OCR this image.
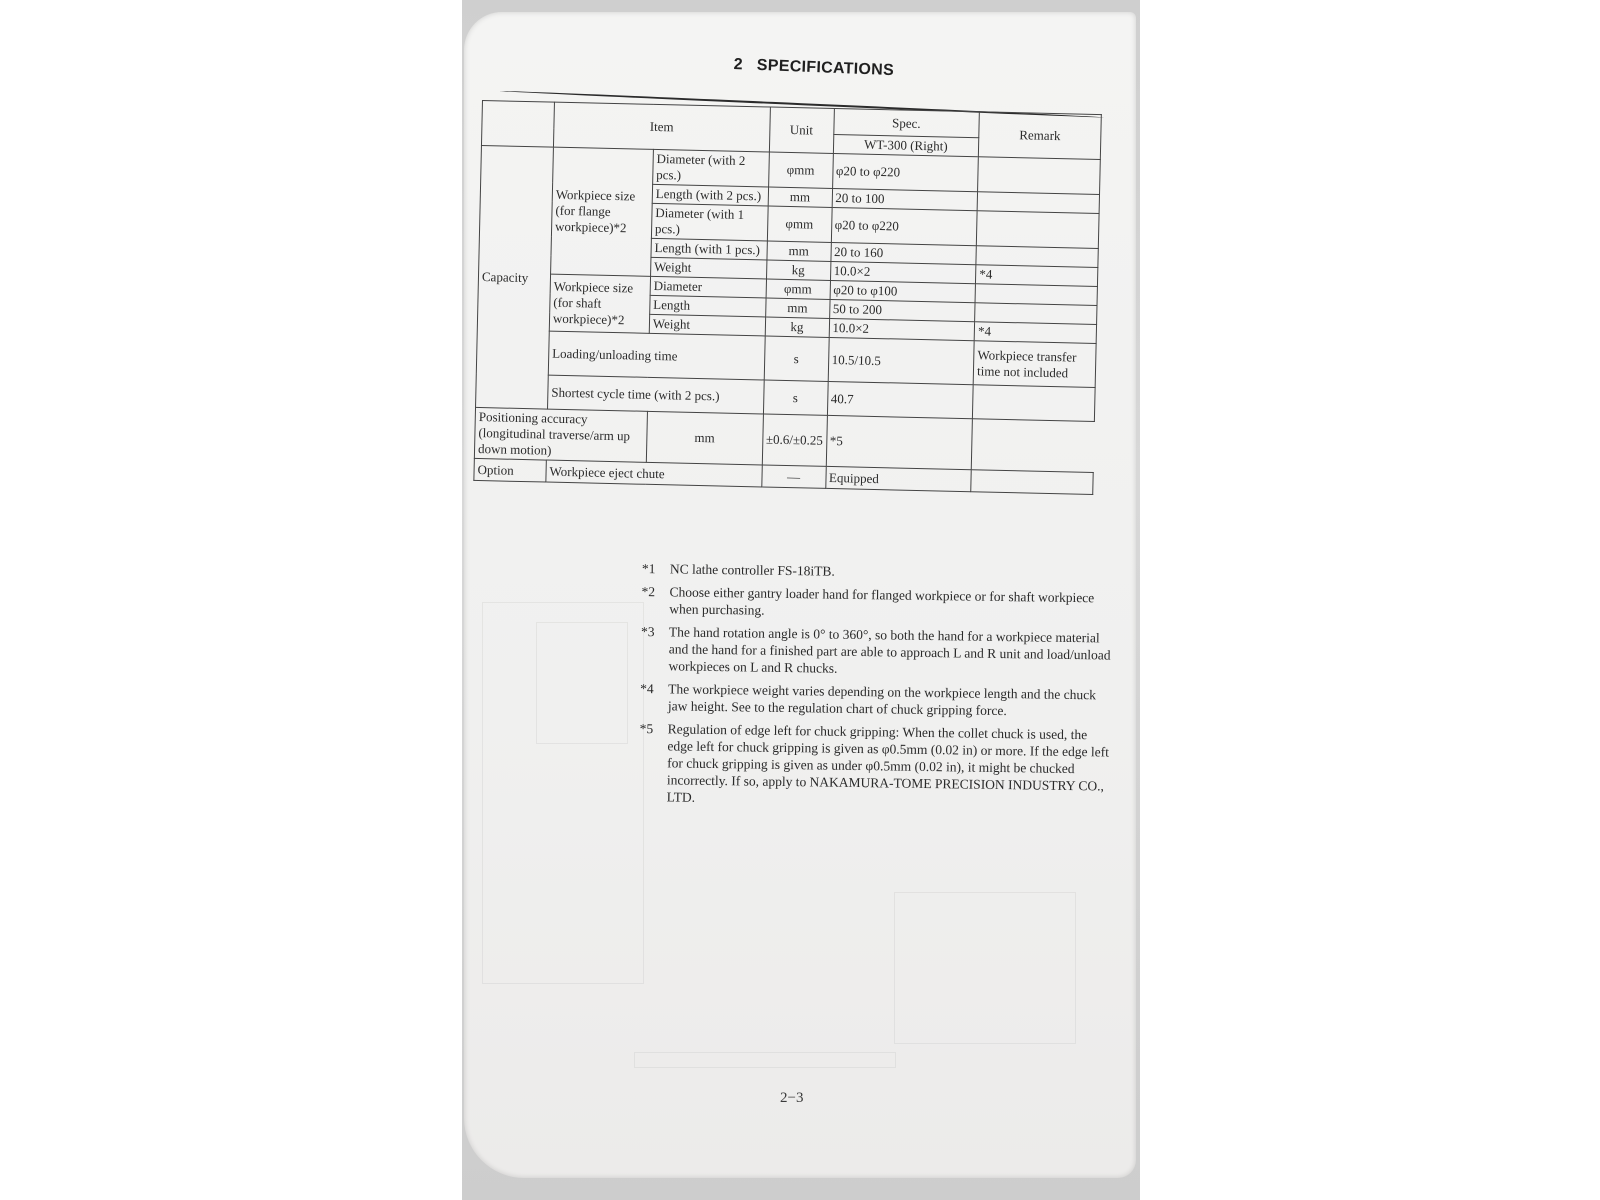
2 SPECIFICATIONS
	Item		Unit	Spec.	Remark
				WT-300 (Right)	
Capacity	Workpiece size (for flange workpiece)*2	Diameter (with 2 pcs.)	φmm	φ20 to φ220	
		Length (with 2 pcs.)	mm	20 to 100	
		Diameter (with 1 pcs.)	φmm	φ20 to φ220	
		Length (with 1 pcs.)	mm	20 to 160	
		Weight	kg	10.0×2	*4
	Workpiece size (for shaft workpiece)*2	Diameter	φmm	φ20 to φ100	
		Length	mm	50 to 200	
		Weight	kg	10.0×2	*4
	Loading/unloading time		s	10.5/10.5	Workpiece transfer time not included
	Shortest cycle time (with 2 pcs.)		s	40.7	
Positioning accuracy (longitudinal traverse/arm up down motion)		mm	±0.6/±0.25	*5	
Option	Workpiece eject chute		—	Equipped	
*1	NC lathe controller FS-18iTB.
*2	Choose either gantry loader hand for flanged workpiece or for shaft workpiece when purchasing.
*3	The hand rotation angle is 0° to 360°, so both the hand for a workpiece material and the hand for a finished part are able to approach L and R unit and load/unload workpieces on L and R chucks.
*4	The workpiece weight varies depending on the workpiece length and the chuck jaw height. See to the regulation chart of chuck gripping force.
*5	Regulation of edge left for chuck gripping: When the collet chuck is used, the edge left for chuck gripping is given as φ0.5mm (0.02 in) or more. If the edge left for chuck gripping is given as under φ0.5mm (0.02 in), it might be chucked incorrectly. If so, apply to NAKAMURA-TOME PRECISION INDUSTRY CO., LTD.
2−3
